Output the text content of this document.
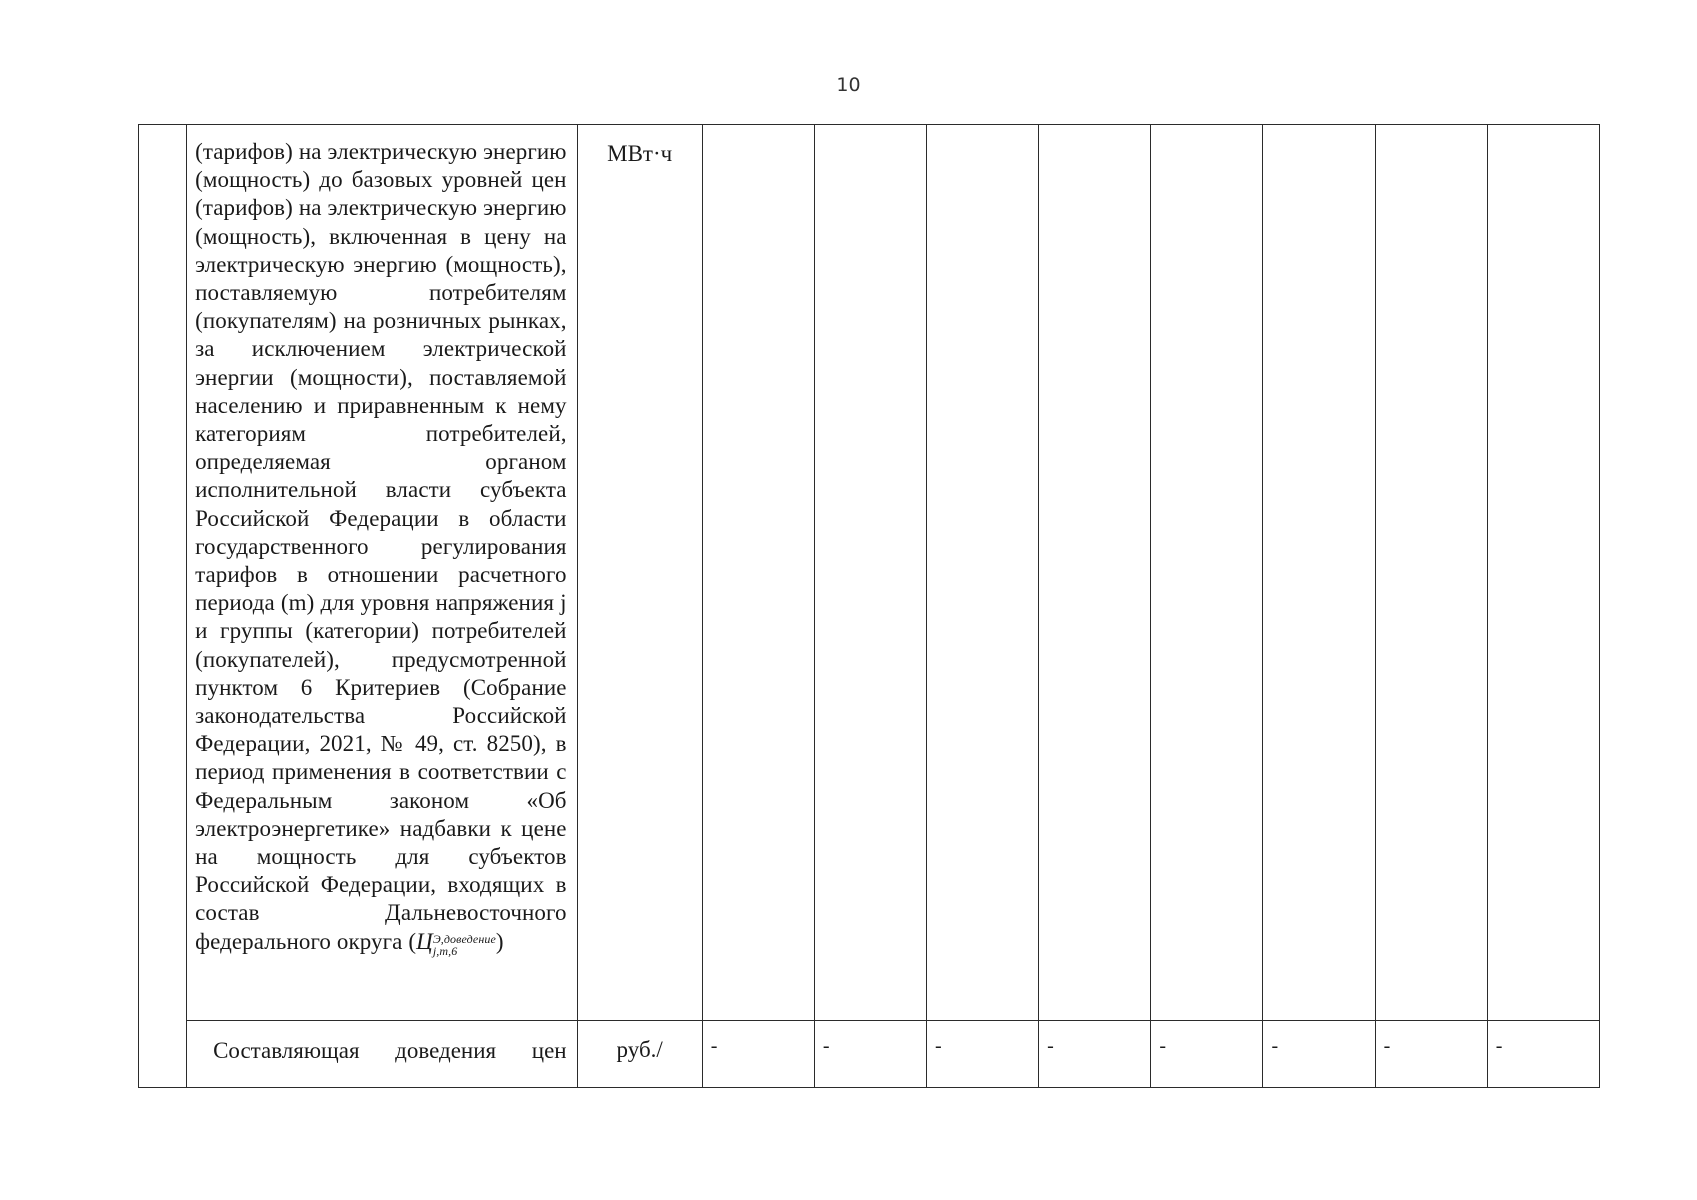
10

	(тарифов) на электрическую энергию (мощность) до базовых уровней цен (тарифов) на электрическую энергию (мощность), включенная в цену на электрическую энергию (мощность), поставляемую потребителям (покупателям) на розничных рынках, за исключением электрической энергии (мощности), поставляемой населению и приравненным к нему категориям потребителей, определяемая органом исполнительной власти субъекта Российской Федерации в области государственного регулирования тарифов в отношении расчетного периода (m) для уровня напряжения j и группы (категории) потребителей (покупателей), предусмотренной пунктом 6 Критериев (Собрание законодательства Российской Федерации, 2021, № 49, ст. 8250), в период применения в соответствии с Федеральным законом «Об электроэнергетике» надбавки к цене на мощность для субъектов Российской Федерации, входящих в состав Дальневосточного федерального округа (Ц Э,доведение
j,m,6 )	МВт·ч								

	Составляющая доведения цен	руб./	-	-	-	-	-	-	-	-
